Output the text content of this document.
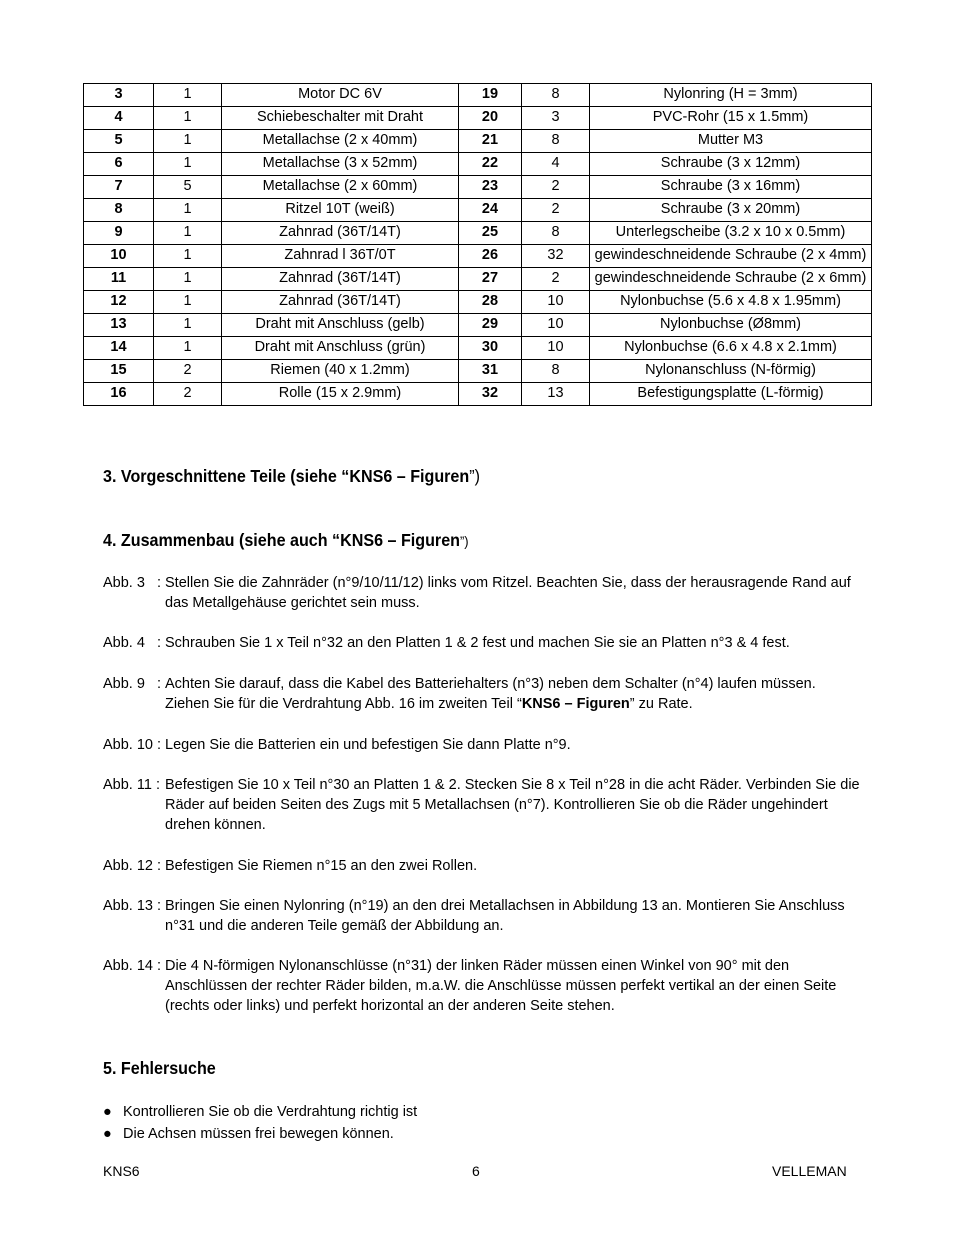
3	1	Motor DC 6V	19	8	Nylonring (H = 3mm)
4	1	Schiebeschalter mit Draht	20	3	PVC-Rohr (15 x 1.5mm)
5	1	Metallachse (2 x 40mm)	21	8	Mutter M3
6	1	Metallachse (3 x 52mm)	22	4	Schraube (3 x 12mm)
7	5	Metallachse (2 x 60mm)	23	2	Schraube (3 x 16mm)
8	1	Ritzel 10T (weiß)	24	2	Schraube (3 x 20mm)
9	1	Zahnrad (36T/14T)	25	8	Unterlegscheibe (3.2 x 10 x 0.5mm)
10	1	Zahnrad l 36T/0T	26	32	gewindeschneidende Schraube (2 x 4mm)
11	1	Zahnrad (36T/14T)	27	2	gewindeschneidende Schraube (2 x 6mm)
12	1	Zahnrad (36T/14T)	28	10	Nylonbuchse (5.6 x 4.8 x 1.95mm)
13	1	Draht mit Anschluss (gelb)	29	10	Nylonbuchse (Ø8mm)
14	1	Draht mit Anschluss (grün)	30	10	Nylonbuchse (6.6 x 4.8 x 2.1mm)
15	2	Riemen (40 x 1.2mm)	31	8	Nylonanschluss (N-förmig)
16	2	Rolle (15 x 2.9mm)	32	13	Befestigungsplatte (L-förmig)
3. Vorgeschnittene Teile (siehe “KNS6 – Figuren”)
4. Zusammenbau (siehe auch “KNS6 – Figuren”)
Abb. 3   : Stellen Sie die Zahnräder (n°9/10/11/12) links vom Ritzel. Beachten Sie, dass der herausragende Rand auf das Metallgehäuse gerichtet sein muss.
Abb. 4   : Schrauben Sie 1 x Teil n°32 an den Platten 1 & 2 fest und machen Sie sie an Platten n°3 & 4 fest.
Abb. 9   : Achten Sie darauf, dass die Kabel des Batteriehalters (n°3) neben dem Schalter (n°4) laufen müssen. Ziehen Sie für die Verdrahtung Abb. 16 im zweiten Teil “KNS6 – Figuren” zu Rate.
Abb. 10 : Legen Sie die Batterien ein und befestigen Sie dann Platte n°9.
Abb. 11 : Befestigen Sie 10 x Teil n°30 an Platten 1 & 2. Stecken Sie 8 x Teil n°28 in die acht Räder. Verbinden Sie die Räder auf beiden Seiten des Zugs mit 5 Metallachsen (n°7). Kontrollieren Sie ob die Räder ungehindert drehen können.
Abb. 12 : Befestigen Sie Riemen n°15 an den zwei Rollen.
Abb. 13 : Bringen Sie einen Nylonring (n°19) an den drei Metallachsen in Abbildung 13 an. Montieren Sie Anschluss n°31 und die anderen Teile gemäß der Abbildung an.
Abb. 14 : Die 4 N-förmigen Nylonanschlüsse (n°31) der linken Räder müssen einen Winkel von 90° mit den Anschlüssen der rechter Räder bilden, m.a.W. die Anschlüsse müssen perfekt vertikal an der einen Seite (rechts oder links) und perfekt horizontal an der anderen Seite stehen.
5. Fehlersuche
● Kontrollieren Sie ob die Verdrahtung richtig ist
● Die Achsen müssen frei bewegen können.
KNS6	6	VELLEMAN
